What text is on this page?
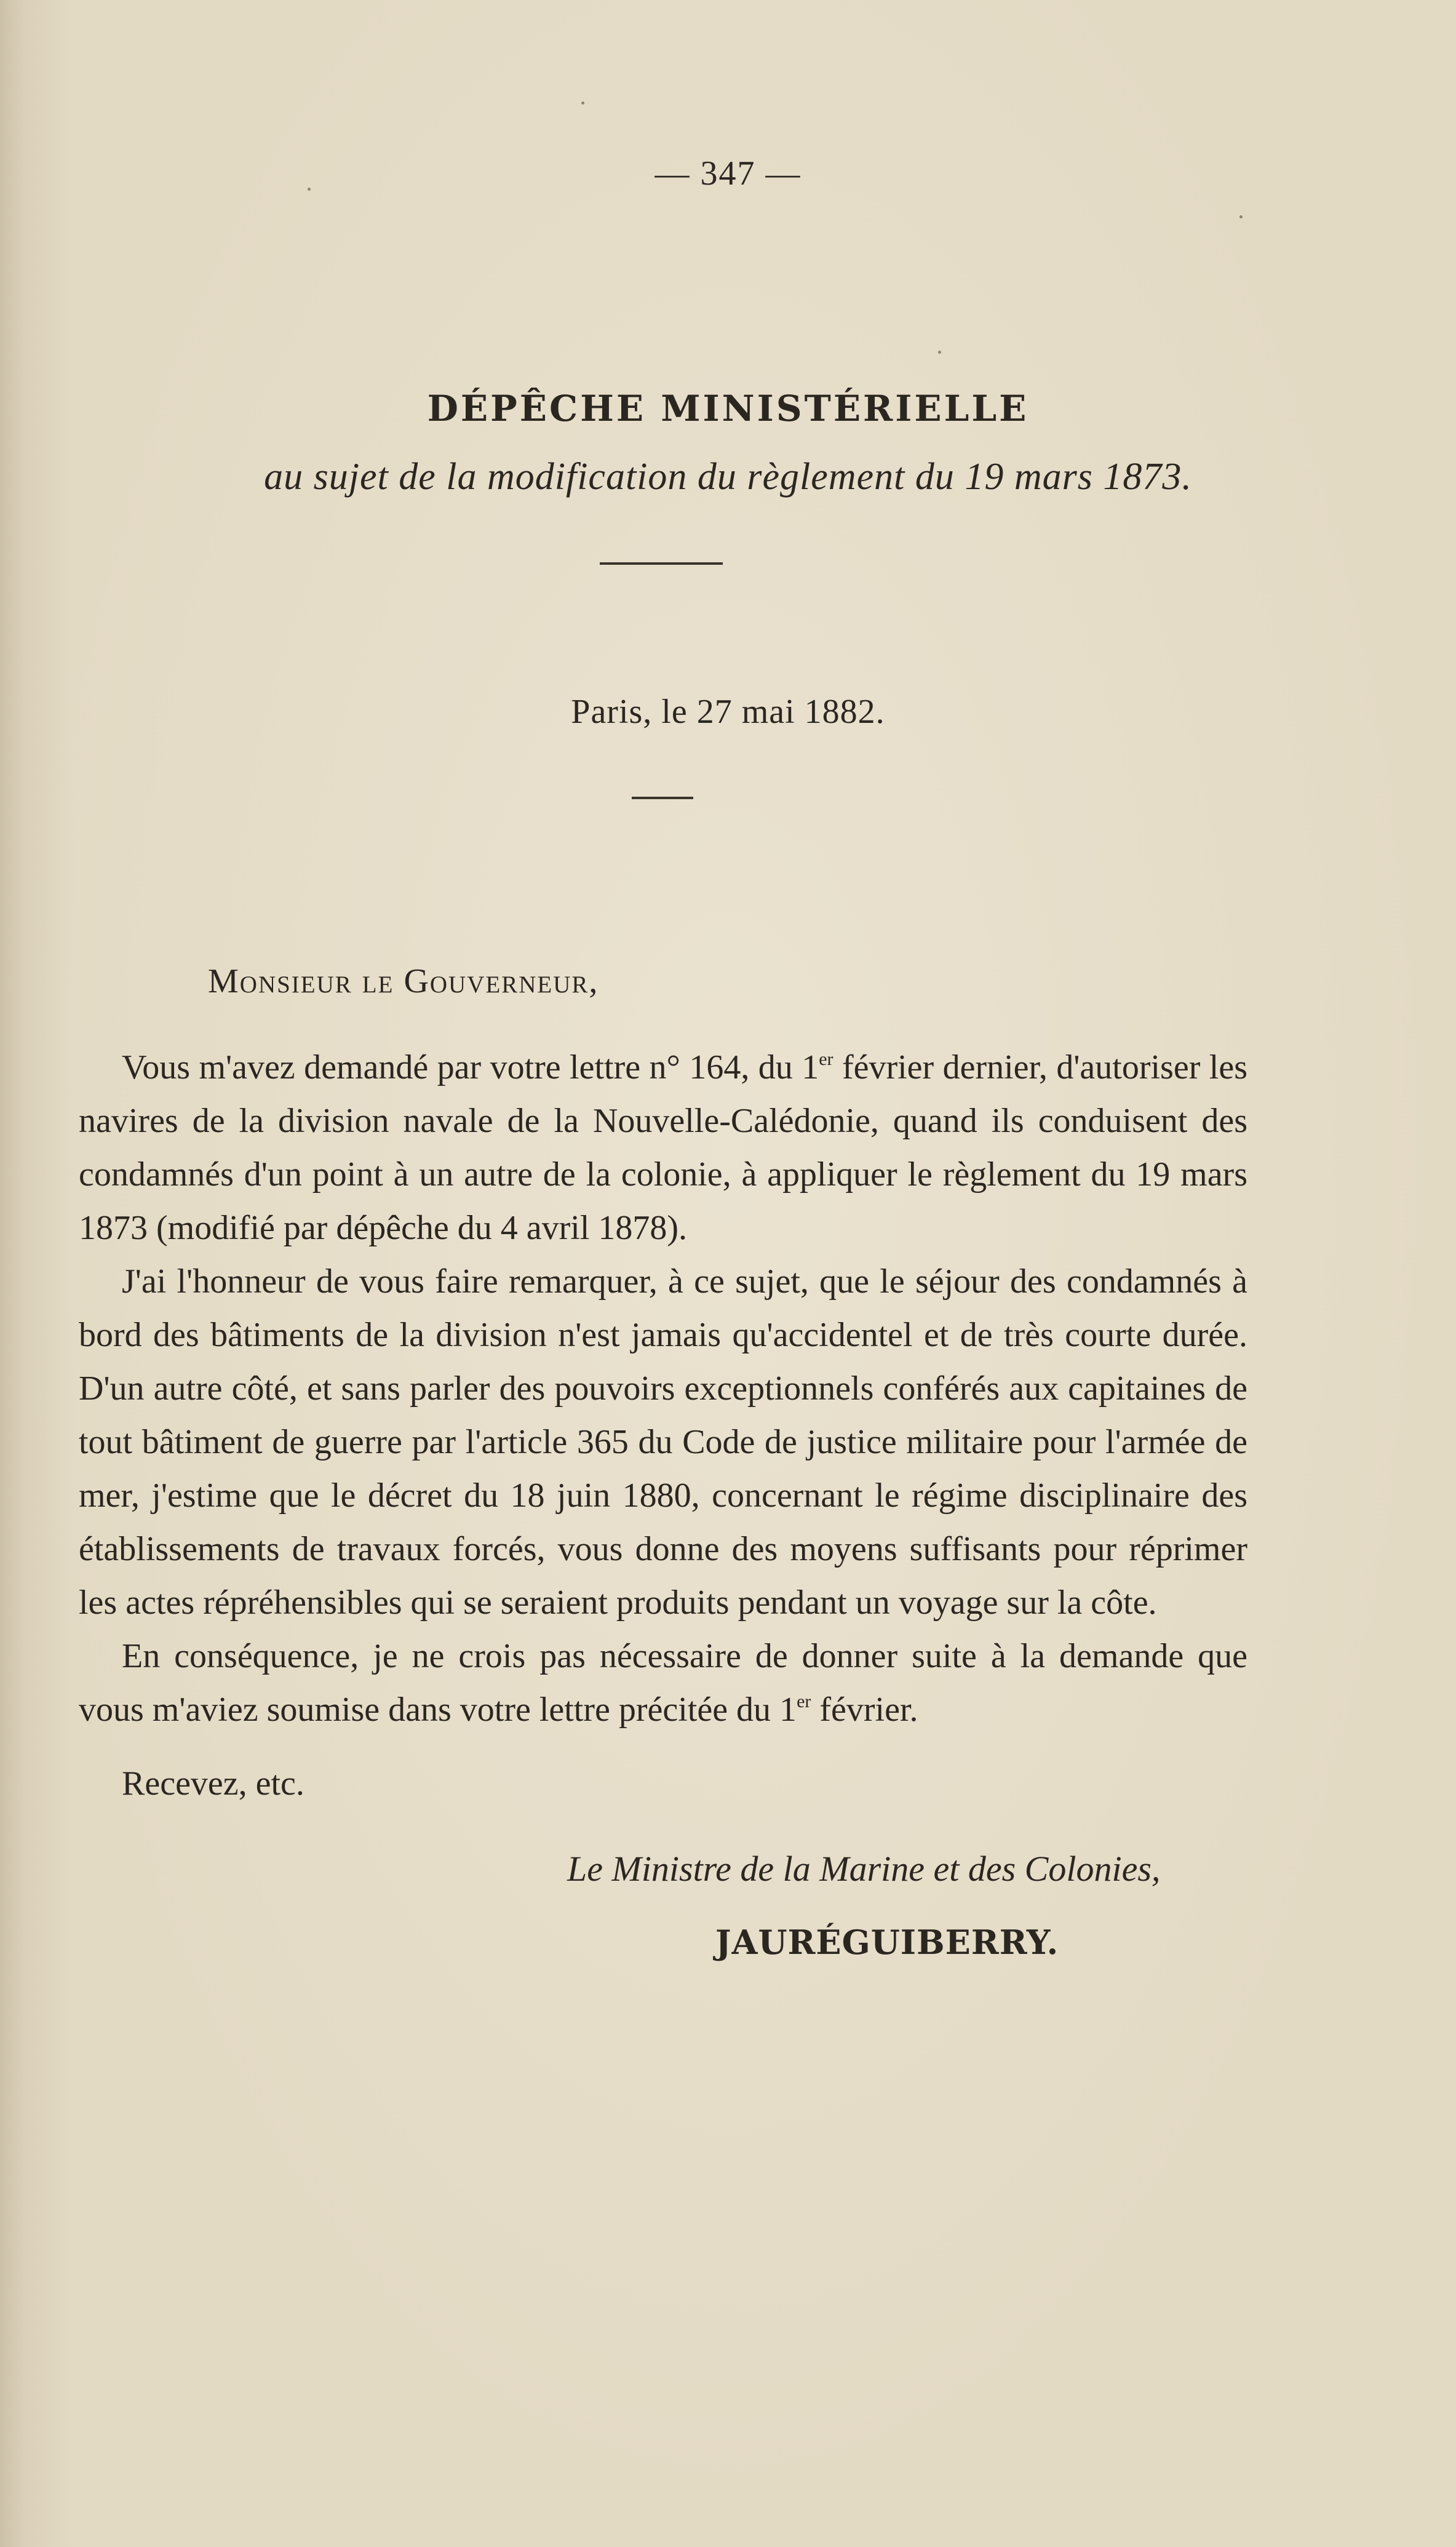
— 347 —
DÉPÊCHE MINISTÉRIELLE
au sujet de la modification du règlement du 19 mars 1873.
Paris, le 27 mai 1882.
Monsieur le Gouverneur,

Vous m'avez demandé par votre lettre n° 164, du 1er février dernier, d'autoriser les navires de la division navale de la Nouvelle-Calédonie, quand ils conduisent des condamnés d'un point à un autre de la colonie, à appliquer le règlement du 19 mars 1873 (modifié par dépêche du 4 avril 1878).

J'ai l'honneur de vous faire remarquer, à ce sujet, que le séjour des condamnés à bord des bâtiments de la division n'est jamais qu'accidentel et de très courte durée. D'un autre côté, et sans parler des pouvoirs exceptionnels conférés aux capitaines de tout bâtiment de guerre par l'article 365 du Code de justice militaire pour l'armée de mer, j'estime que le décret du 18 juin 1880, concernant le régime disciplinaire des établissements de travaux forcés, vous donne des moyens suffisants pour réprimer les actes répréhensibles qui se seraient produits pendant un voyage sur la côte.

En conséquence, je ne crois pas nécessaire de donner suite à la demande que vous m'aviez soumise dans votre lettre précitée du 1er février.

Recevez, etc.
Le Ministre de la Marine et des Colonies,
JAURÉGUIBERRY.
